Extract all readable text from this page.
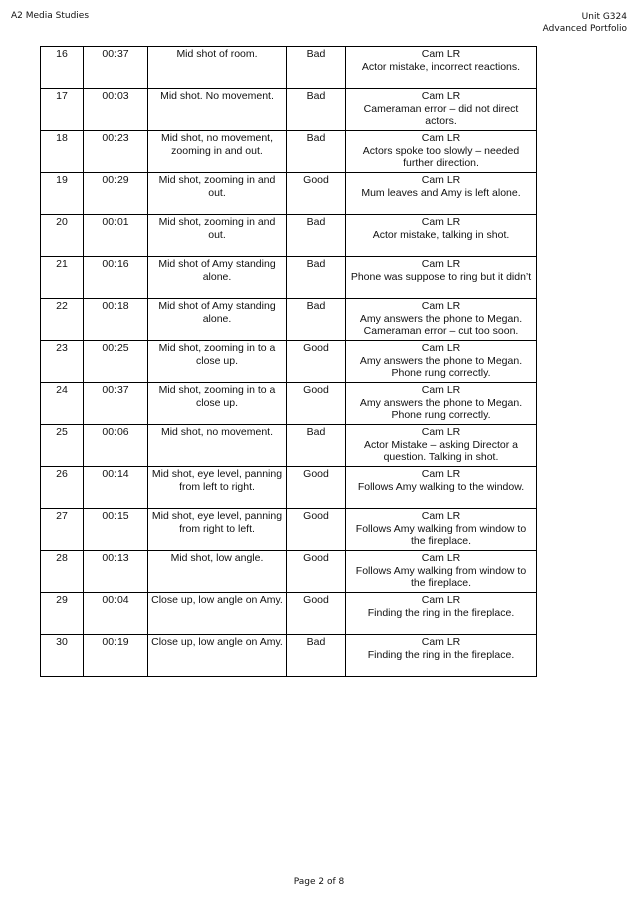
A2 Media Studies	Unit G324
Advanced Portfolio
16	00:37	Mid shot of room.	Bad	Cam LR
Actor mistake, incorrect reactions.

17	00:03	Mid shot. No movement.	Bad	Cam LR
Cameraman error – did not direct actors.

18	00:23	Mid shot, no movement, zooming in and out.	Bad	Cam LR
Actors spoke too slowly – needed further direction.

19	00:29	Mid shot, zooming in and out.	Good	Cam LR
Mum leaves and Amy is left alone.

20	00:01	Mid shot, zooming in and out.	Bad	Cam LR
Actor mistake, talking in shot.

21	00:16	Mid shot of Amy standing alone.	Bad	Cam LR
Phone was suppose to ring but it didn’t

22	00:18	Mid shot of Amy standing alone.	Bad	Cam LR
Amy answers the phone to Megan. Cameraman error – cut too soon.

23	00:25	Mid shot, zooming in to a close up.	Good	Cam LR
Amy answers the phone to Megan. Phone rung correctly.

24	00:37	Mid shot, zooming in to a close up.	Good	Cam LR
Amy answers the phone to Megan. Phone rung correctly.

25	00:06	Mid shot, no movement.	Bad	Cam LR
Actor Mistake – asking Director a question. Talking in shot.

26	00:14	Mid shot, eye level, panning from left to right.	Good	Cam LR
Follows Amy walking to the window.

27	00:15	Mid shot, eye level, panning from right to left.	Good	Cam LR
Follows Amy walking from window to the fireplace.

28	00:13	Mid shot, low angle.	Good	Cam LR
Follows Amy walking from window to the fireplace.

29	00:04	Close up, low angle on Amy.	Good	Cam LR
Finding the ring in the fireplace.

30	00:19	Close up, low angle on Amy.	Bad	Cam LR
Finding the ring in the fireplace.
Page 2 of 8
